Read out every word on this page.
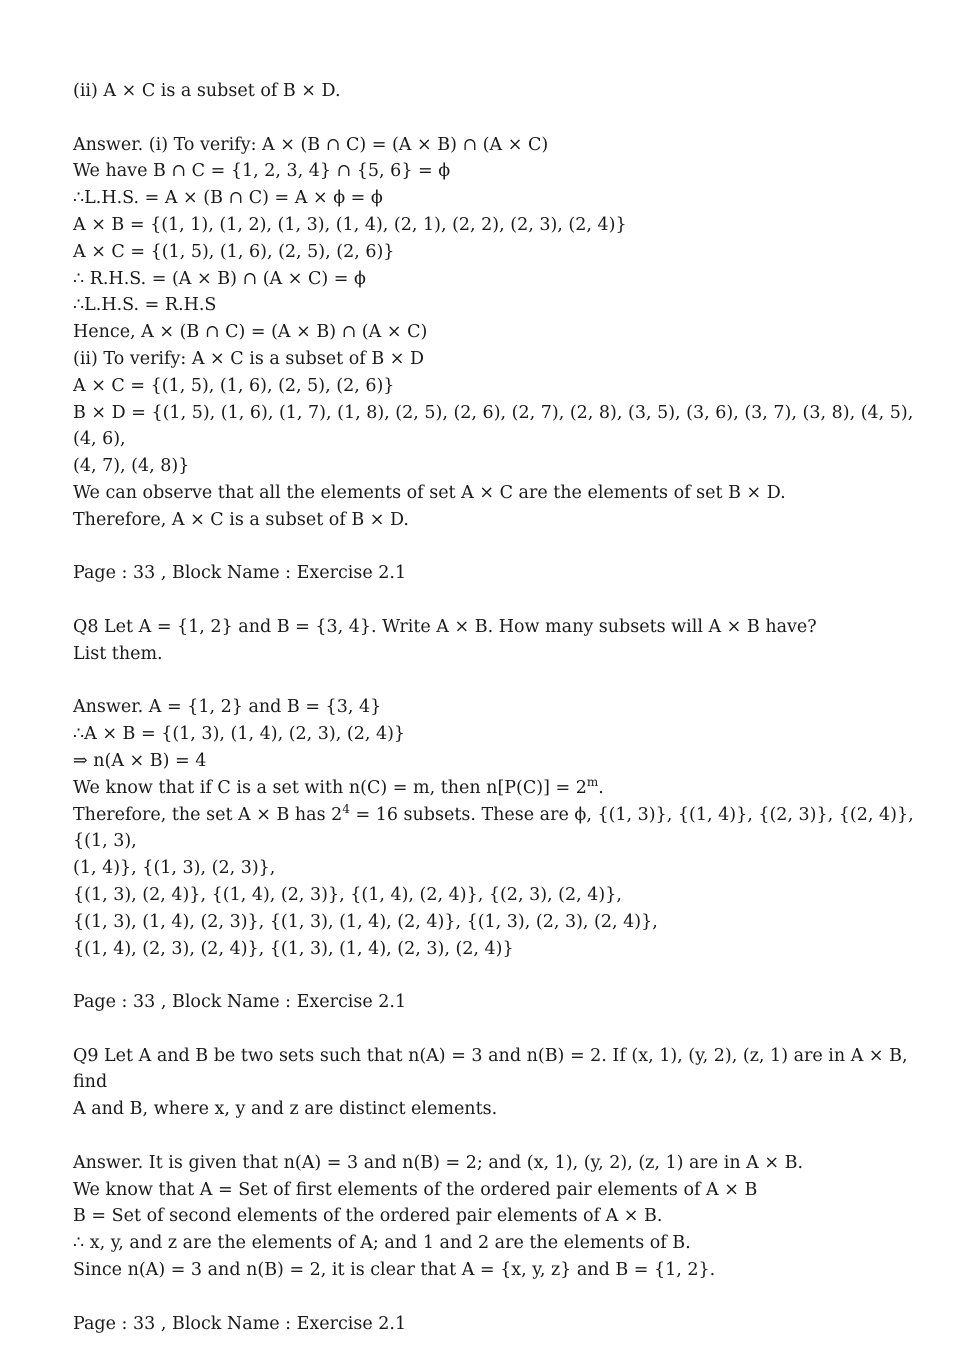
(ii) A × C is a subset of B × D.
Answer. (i) To verify: A × (B ∩ C) = (A × B) ∩ (A × C)
We have B ∩ C = {1, 2, 3, 4} ∩ {5, 6} = ϕ
∴L.H.S. = A × (B ∩ C) = A × ϕ = ϕ
A × B = {(1, 1), (1, 2), (1, 3), (1, 4), (2, 1), (2, 2), (2, 3), (2, 4)}
A × C = {(1, 5), (1, 6), (2, 5), (2, 6)}
∴ R.H.S. = (A × B) ∩ (A × C) = ϕ
∴L.H.S. = R.H.S
Hence, A × (B ∩ C) = (A × B) ∩ (A × C)
(ii) To verify: A × C is a subset of B × D
A × C = {(1, 5), (1, 6), (2, 5), (2, 6)}
B × D = {(1, 5), (1, 6), (1, 7), (1, 8), (2, 5), (2, 6), (2, 7), (2, 8), (3, 5), (3, 6), (3, 7), (3, 8), (4, 5), (4, 6),
(4, 7), (4, 8)}
We can observe that all the elements of set A × C are the elements of set B × D.
Therefore, A × C is a subset of B × D.
Page : 33 , Block Name : Exercise 2.1
Q8 Let A = {1, 2} and B = {3, 4}. Write A × B. How many subsets will A × B have?
List them.
Answer. A = {1, 2} and B = {3, 4}
∴A × B = {(1, 3), (1, 4), (2, 3), (2, 4)}
⇒ n(A × B) = 4
We know that if C is a set with n(C) = m, then $n[P(C)] = 2^m$.
Therefore, the set A × B has $2^4 = 16$ subsets. These are ϕ, {(1, 3)}, {(1, 4)}, {(2, 3)}, {(2, 4)}, {(1, 3),
(1, 4)}, {(1, 3), (2, 3)},
{(1, 3), (2, 4)}, {(1, 4), (2, 3)}, {(1, 4), (2, 4)}, {(2, 3), (2, 4)},
{(1, 3), (1, 4), (2, 3)}, {(1, 3), (1, 4), (2, 4)}, {(1, 3), (2, 3), (2, 4)},
{(1, 4), (2, 3), (2, 4)}, {(1, 3), (1, 4), (2, 3), (2, 4)}
Page : 33 , Block Name : Exercise 2.1
Q9 Let A and B be two sets such that n(A) = 3 and n(B) = 2. If (x, 1), (y, 2), (z, 1) are in A × B, find
A and B, where x, y and z are distinct elements.
Answer. It is given that n(A) = 3 and n(B) = 2; and (x, 1), (y, 2), (z, 1) are in A × B.
We know that A = Set of first elements of the ordered pair elements of A × B
B = Set of second elements of the ordered pair elements of A × B.
∴ x, y, and z are the elements of A; and 1 and 2 are the elements of B.
Since n(A) = 3 and n(B) = 2, it is clear that A = {x, y, z} and B = {1, 2}.
Page : 33 , Block Name : Exercise 2.1
